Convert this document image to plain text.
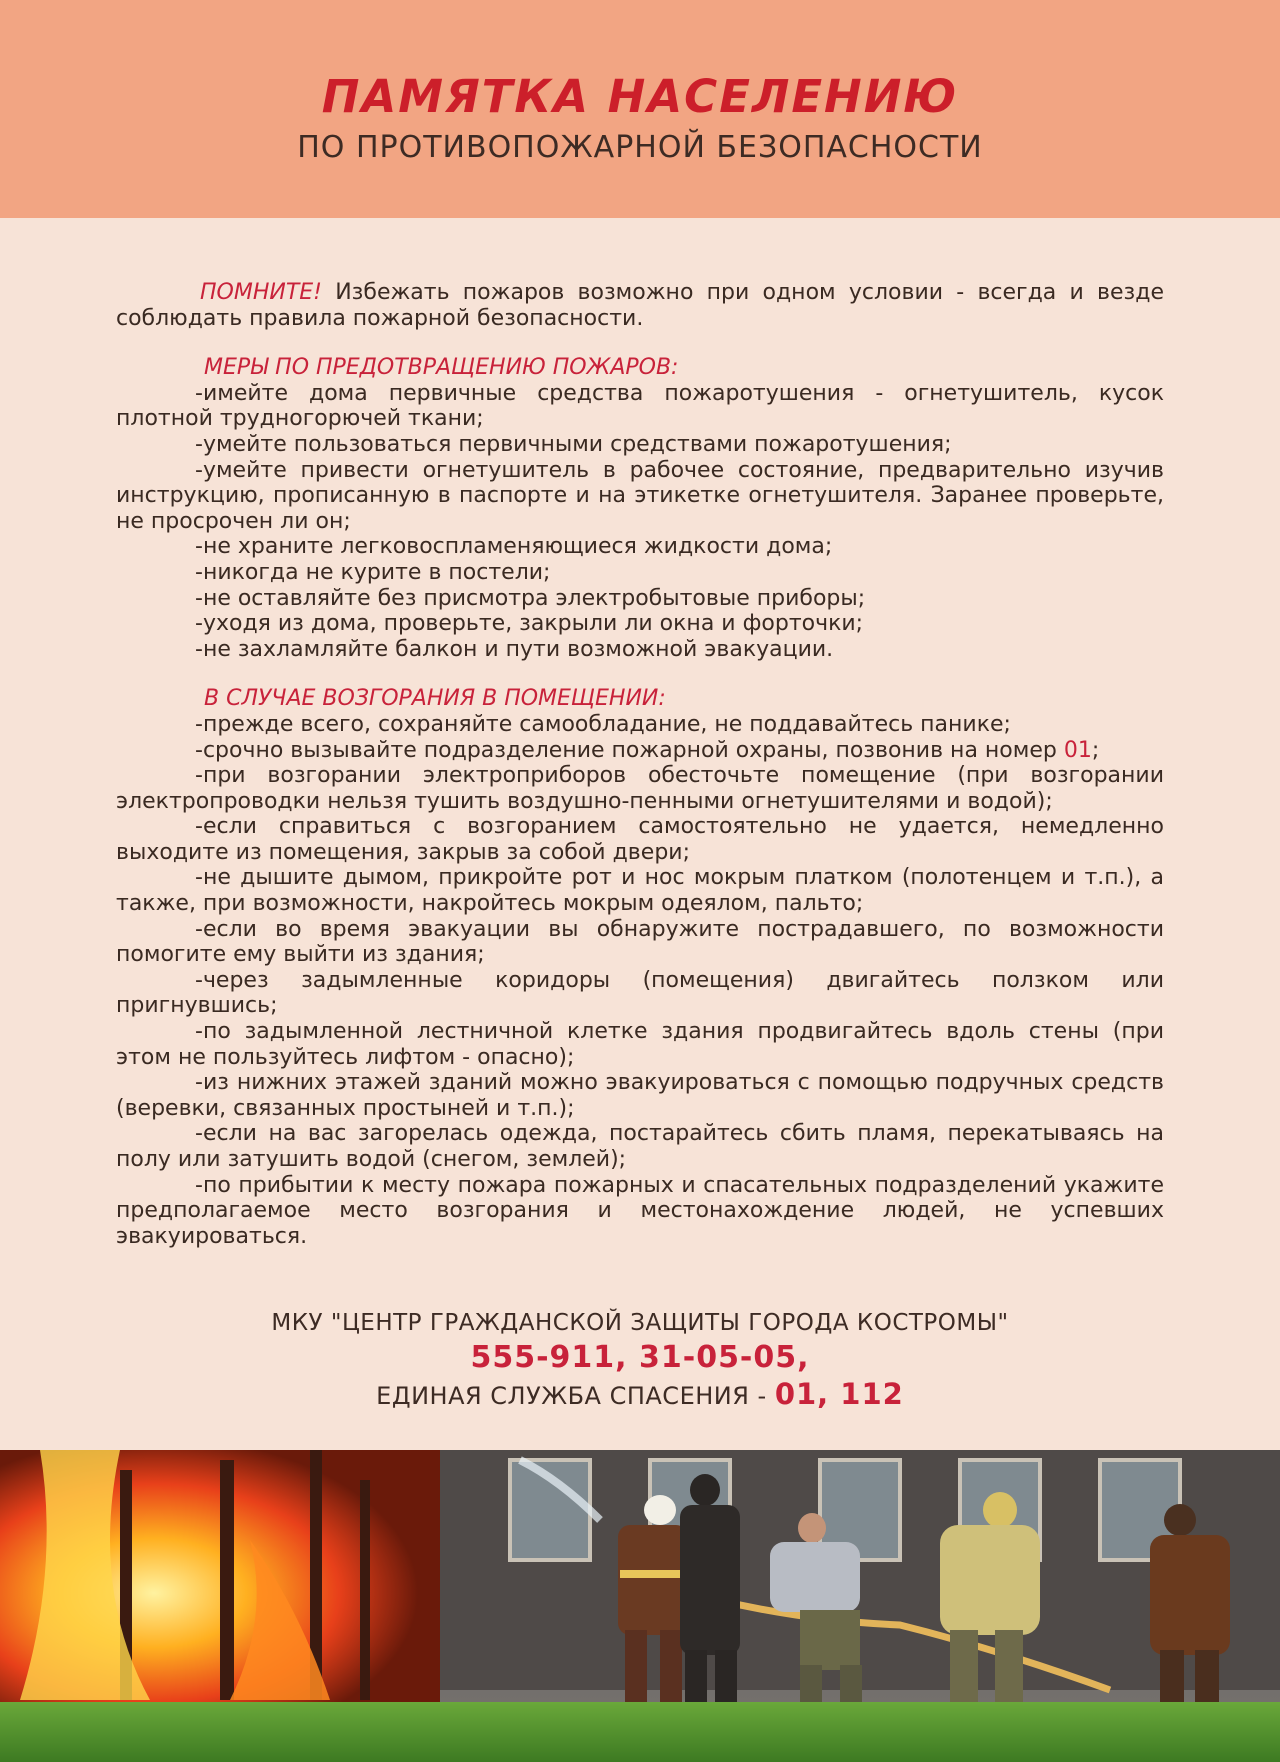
ПАМЯТКА НАСЕЛЕНИЮ
ПО ПРОТИВОПОЖАРНОЙ БЕЗОПАСНОСТИ

ПОМНИТЕ! Избежать пожаров возможно при одном условии - всегда и везде соблюдать правила пожарной безопасности.

МЕРЫ ПО ПРЕДОТВРАЩЕНИЮ ПОЖАРОВ:

-имейте дома первичные средства пожаротушения - огнетушитель, кусок плотной трудногорючей ткани;

-умейте пользоваться первичными средствами пожаротушения;

-умейте привести огнетушитель в рабочее состояние, предварительно изучив инструкцию, прописанную в паспорте и на этикетке огнетушителя. Заранее проверьте, не просрочен ли он;

-не храните легковоспламеняющиеся жидкости дома;

-никогда не курите в постели;

-не оставляйте без присмотра электробытовые приборы;

-уходя из дома, проверьте, закрыли ли окна и форточки;

-не захламляйте балкон и пути возможной эвакуации.

В СЛУЧАЕ ВОЗГОРАНИЯ В ПОМЕЩЕНИИ:

-прежде всего, сохраняйте самообладание, не поддавайтесь панике;

-срочно вызывайте подразделение пожарной охраны, позвонив на номер 01;

-при возгорании электроприборов обесточьте помещение (при возгорании электропроводки нельзя тушить воздушно-пенными огнетушителями и водой);

-если справиться с возгоранием самостоятельно не удается, немедленно выходите из помещения, закрыв за собой двери;

-не дышите дымом, прикройте рот и нос мокрым платком (полотенцем и т.п.), а также, при возможности, накройтесь мокрым одеялом, пальто;

-если во время эвакуации вы обнаружите пострадавшего, по возможности помогите ему выйти из здания;

-через задымленные коридоры (помещения) двигайтесь ползком или пригнувшись;

-по задымленной лестничной клетке здания продвигайтесь вдоль стены (при этом не пользуйтесь лифтом - опасно);

-из нижних этажей зданий можно эвакуироваться с помощью подручных средств (веревки, связанных простыней и т.п.);

-если на вас загорелась одежда, постарайтесь сбить пламя, перекатываясь на полу или затушить водой (снегом, землей);

-по прибытии к месту пожара пожарных и спасательных подразделений укажите предполагаемое место возгорания и местонахождение людей, не успевших эвакуироваться.

МКУ "ЦЕНТР ГРАЖДАНСКОЙ ЗАЩИТЫ ГОРОДА КОСТРОМЫ"
555-911, 31-05-05,
ЕДИНАЯ СЛУЖБА СПАСЕНИЯ - 01, 112
